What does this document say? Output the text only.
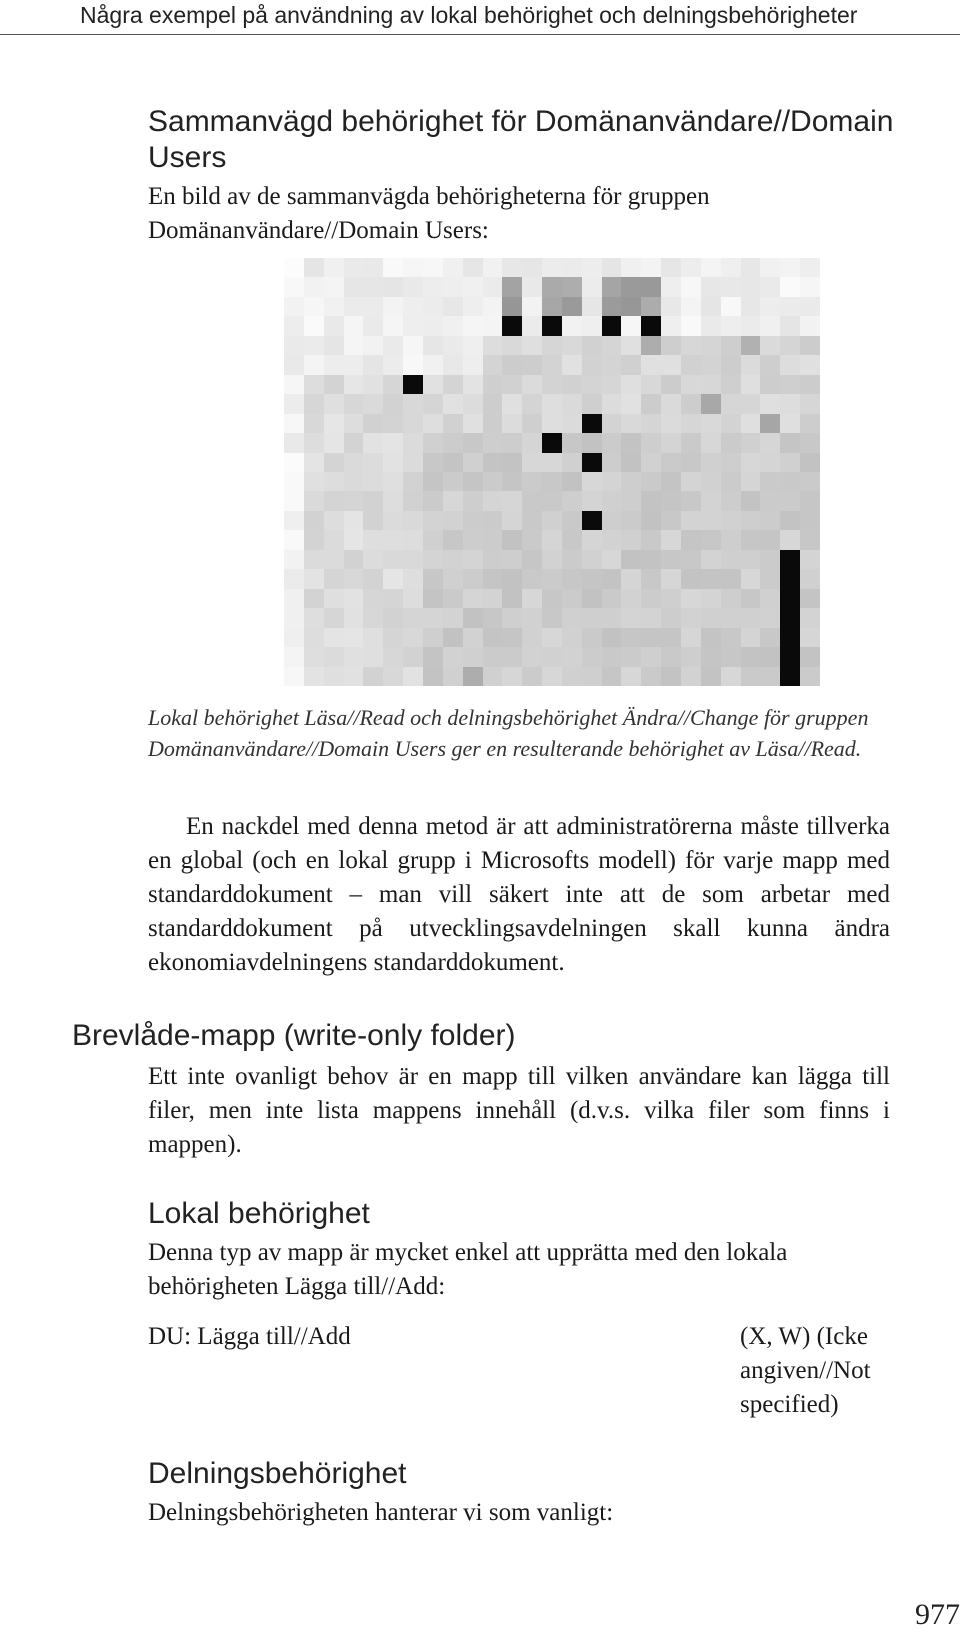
Några exempel på användning av lokal behörighet och delningsbehörigheter
Sammanvägd behörighet för Domänanvändare//Domain Users
En bild av de sammanvägda behörigheterna för gruppen Domänanvändare//Domain Users:
Lokal behörighet Läsa//Read och delningsbehörighet Ändra//Change för gruppen Domänanvändare//Domain Users ger en resulterande behörighet av Läsa//Read.
En nackdel med denna metod är att administratörerna måste tillverka en global (och en lokal grupp i Microsofts modell) för varje mapp med standarddokument – man vill säkert inte att de som arbetar med standarddokument på utvecklingsavdelningen skall kunna ändra ekonomiavdelningens standarddokument.
Brevlåde-mapp (write-only folder)
Ett inte ovanligt behov är en mapp till vilken användare kan lägga till filer, men inte lista mappens innehåll (d.v.s. vilka filer som finns i mappen).
Lokal behörighet
Denna typ av mapp är mycket enkel att upprätta med den lokala behörigheten Lägga till//Add:
DU: Lägga till//Add	(X, W) (Icke angiven//Not specified)
Delningsbehörighet
Delningsbehörigheten hanterar vi som vanligt:
977
